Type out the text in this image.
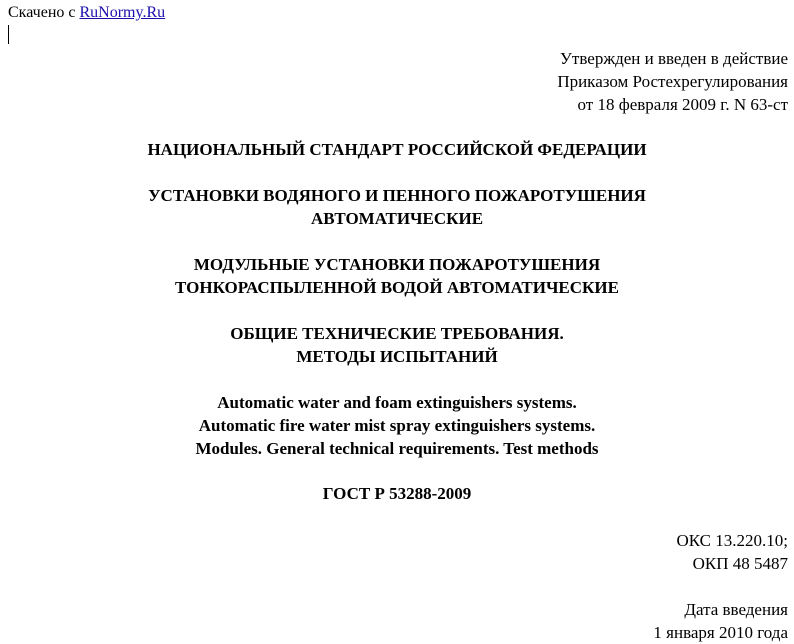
Скачено с RuNormy.Ru
Утвержден и введен в действие
Приказом Ростехрегулирования
от 18 февраля 2009 г. N 63-ст
НАЦИОНАЛЬНЫЙ СТАНДАРТ РОССИЙСКОЙ ФЕДЕРАЦИИ
УСТАНОВКИ ВОДЯНОГО И ПЕННОГО ПОЖАРОТУШЕНИЯ
АВТОМАТИЧЕСКИЕ
МОДУЛЬНЫЕ УСТАНОВКИ ПОЖАРОТУШЕНИЯ
ТОНКОРАСПЫЛЕННОЙ ВОДОЙ АВТОМАТИЧЕСКИЕ
ОБЩИЕ ТЕХНИЧЕСКИЕ ТРЕБОВАНИЯ.
МЕТОДЫ ИСПЫТАНИЙ
Automatic water and foam extinguishers systems.
Automatic fire water mist spray extinguishers systems.
Modules. General technical requirements. Test methods
ГОСТ Р 53288-2009
ОКС 13.220.10;
ОКП 48 5487
Дата введения
1 января 2010 года
